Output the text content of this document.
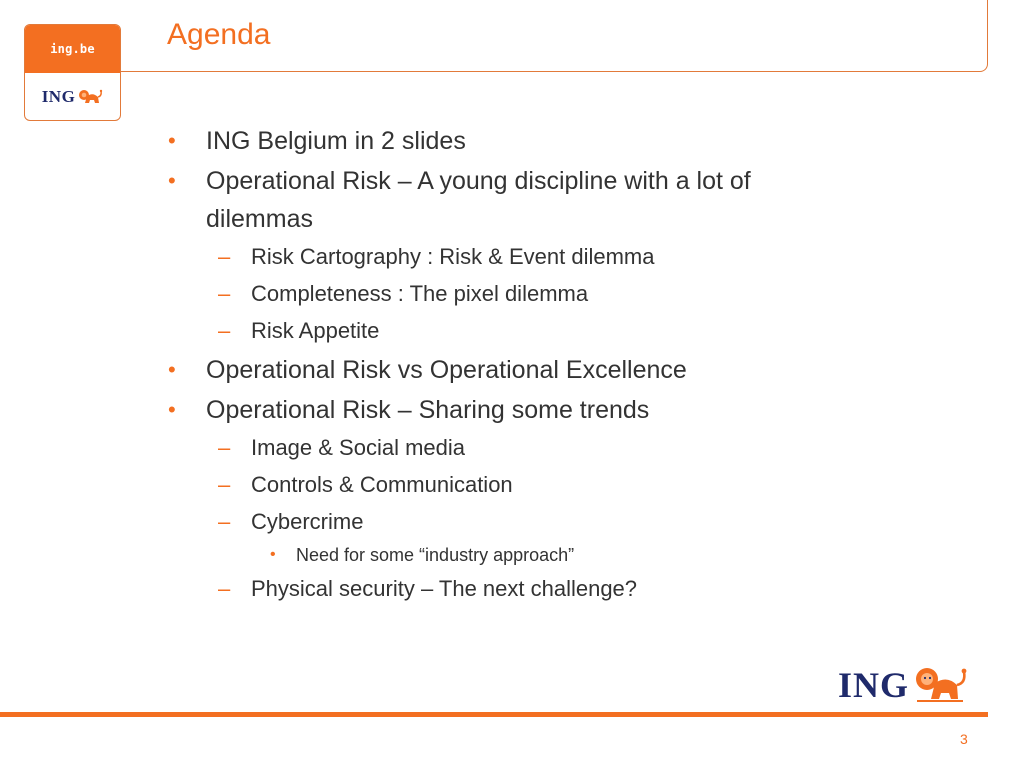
ing.be
ING
Agenda
• ING Belgium in 2 slides
• Operational Risk – A young discipline with a lot of dilemmas
– Risk Cartography : Risk & Event dilemma
– Completeness : The pixel dilemma
– Risk Appetite
• Operational Risk vs Operational Excellence
• Operational Risk – Sharing some trends
– Image & Social media
– Controls & Communication
– Cybercrime
• Need for some “industry approach”
– Physical security – The next challenge?
ING
3
